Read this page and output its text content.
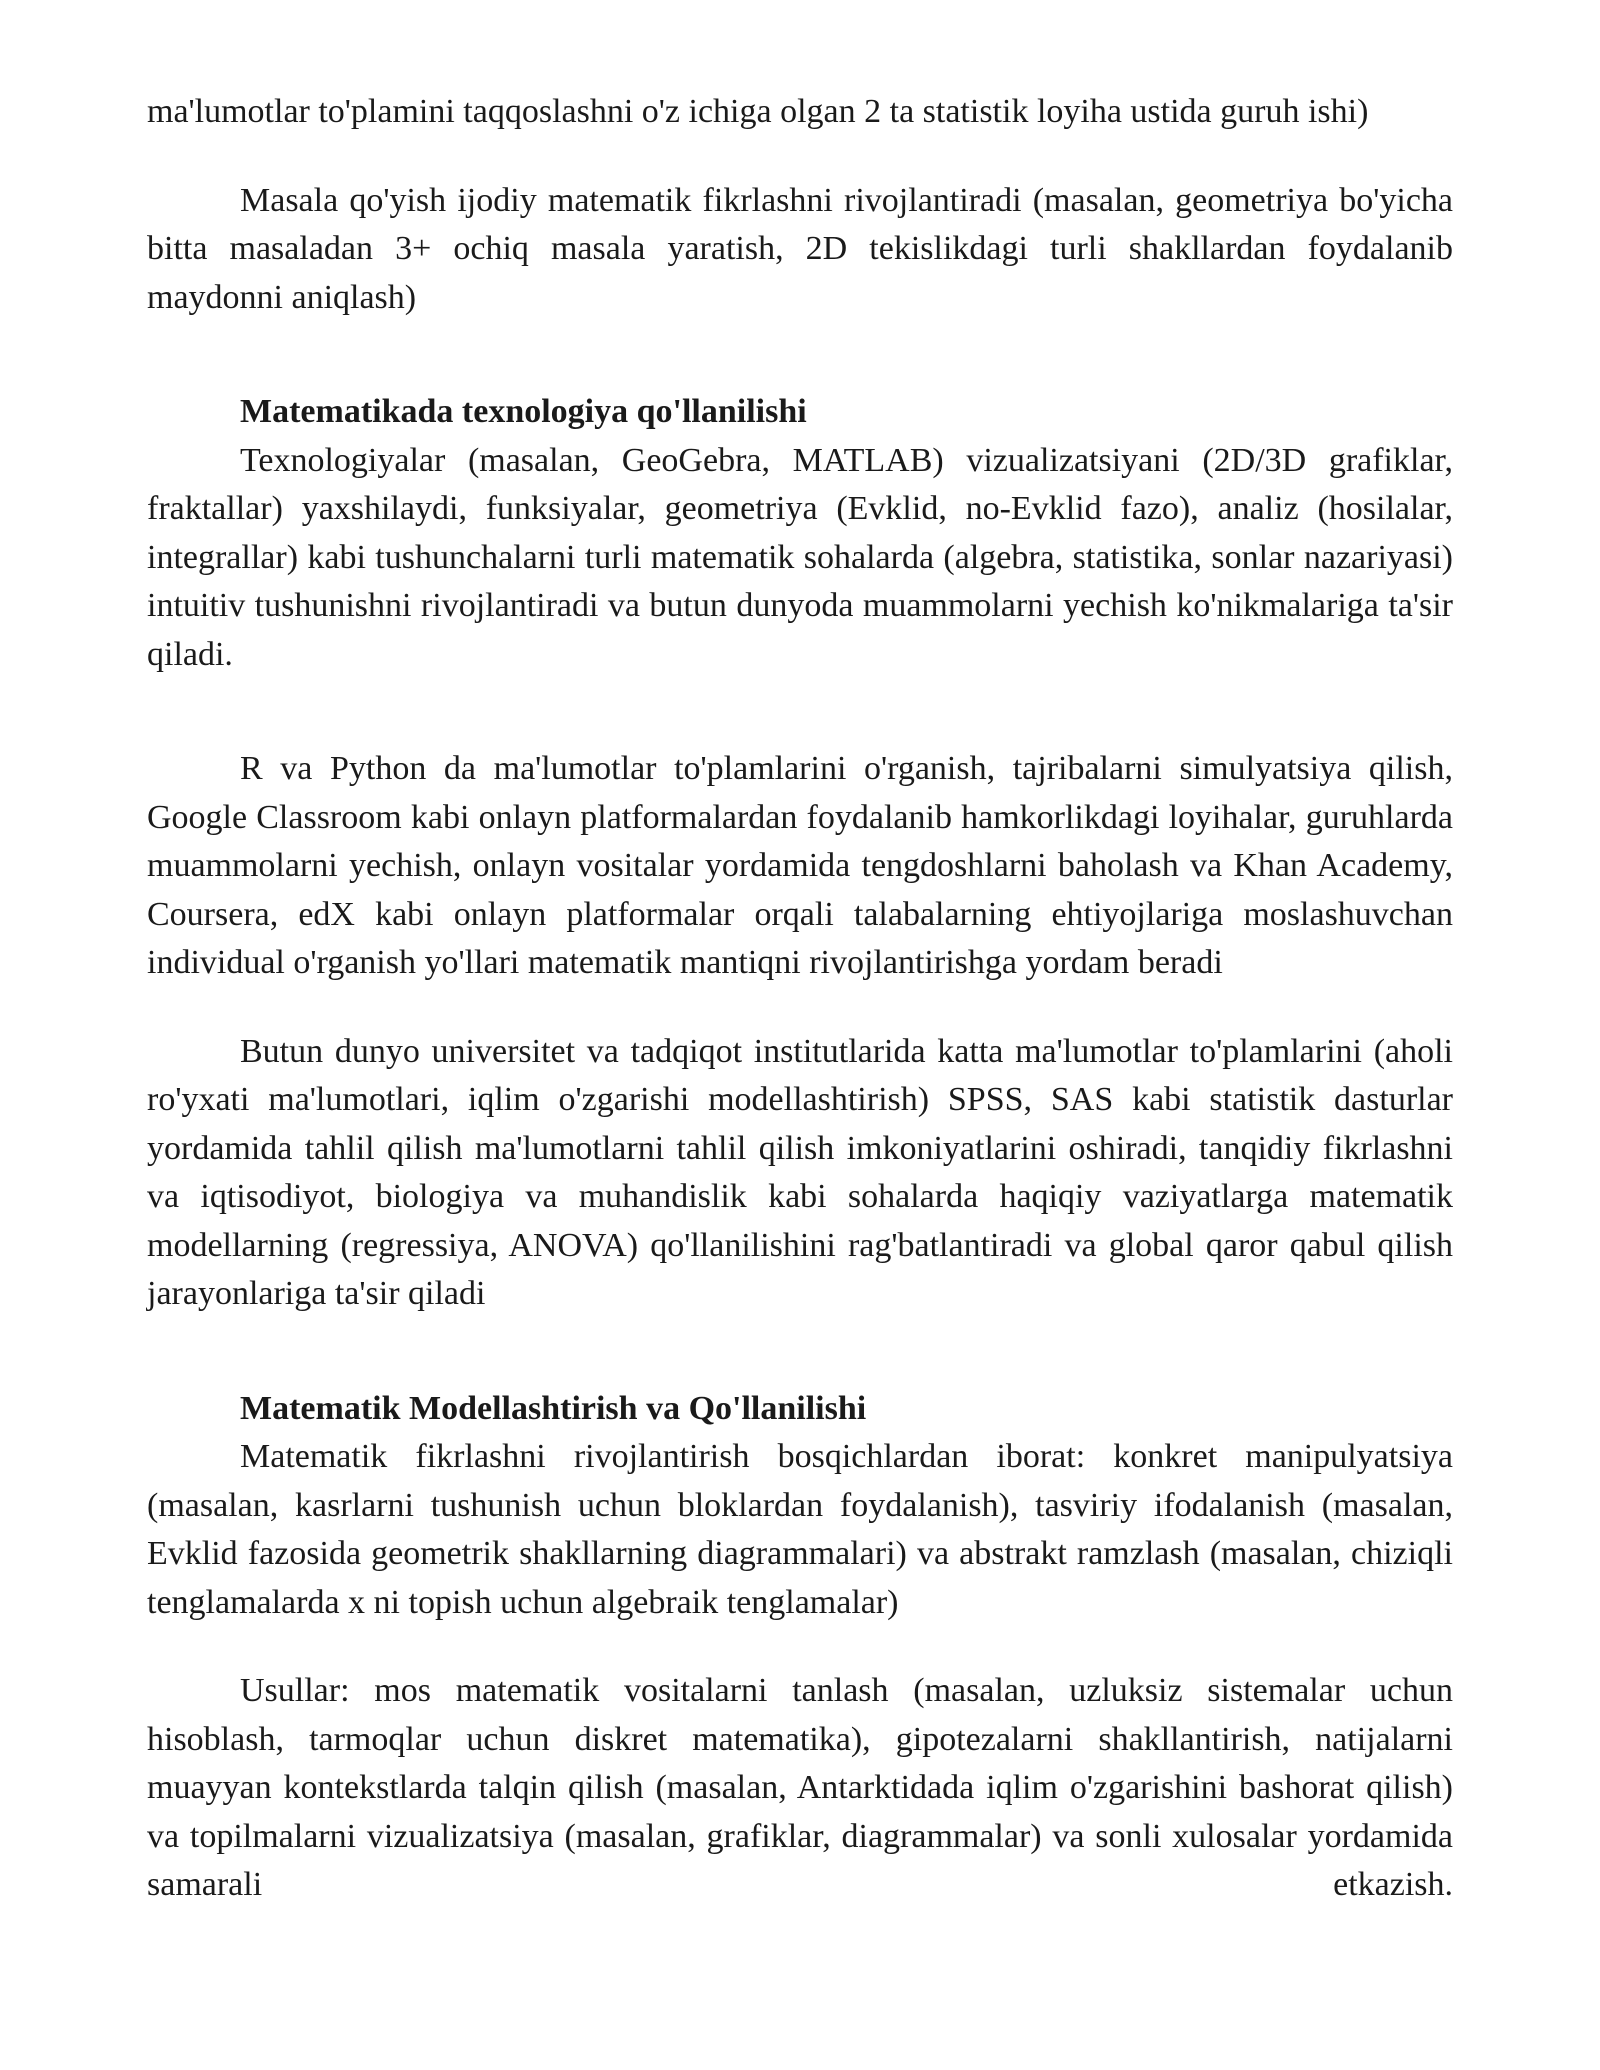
ma'lumotlar to'plamini taqqoslashni o'z ichiga olgan 2 ta statistik loyiha ustida guruh ishi)

Masala qo'yish ijodiy matematik fikrlashni rivojlantiradi (masalan, geometriya bo'yicha bitta masaladan 3+ ochiq masala yaratish, 2D tekislikdagi turli shakllardan foydalanib maydonni aniqlash)

Matematikada texnologiya qo'llanilishi

Texnologiyalar (masalan, GeoGebra, MATLAB) vizualizatsiyani (2D/3D grafiklar, fraktallar) yaxshilaydi, funksiyalar, geometriya (Evklid, no-Evklid fazo), analiz (hosilalar, integrallar) kabi tushunchalarni turli matematik sohalarda (algebra, statistika, sonlar nazariyasi) intuitiv tushunishni rivojlantiradi va butun dunyoda muammolarni yechish ko'nikmalariga ta'sir qiladi.

R va Python da ma'lumotlar to'plamlarini o'rganish, tajribalarni simulyatsiya qilish, Google Classroom kabi onlayn platformalardan foydalanib hamkorlikdagi loyihalar, guruhlarda muammolarni yechish, onlayn vositalar yordamida tengdoshlarni baholash va Khan Academy, Coursera, edX kabi onlayn platformalar orqali talabalarning ehtiyojlariga moslashuvchan individual o'rganish yo'llari matematik mantiqni rivojlantirishga yordam beradi

Butun dunyo universitet va tadqiqot institutlarida katta ma'lumotlar to'plamlarini (aholi ro'yxati ma'lumotlari, iqlim o'zgarishi modellashtirish) SPSS, SAS kabi statistik dasturlar yordamida tahlil qilish ma'lumotlarni tahlil qilish imkoniyatlarini oshiradi, tanqidiy fikrlashni va iqtisodiyot, biologiya va muhandislik kabi sohalarda haqiqiy vaziyatlarga matematik modellarning (regressiya, ANOVA) qo'llanilishini rag'batlantiradi va global qaror qabul qilish jarayonlariga ta'sir qiladi

Matematik Modellashtirish va Qo'llanilishi

Matematik fikrlashni rivojlantirish bosqichlardan iborat: konkret manipulyatsiya (masalan, kasrlarni tushunish uchun bloklardan foydalanish), tasviriy ifodalanish (masalan, Evklid fazosida geometrik shakllarning diagrammalari) va abstrakt ramzlash (masalan, chiziqli tenglamalarda x ni topish uchun algebraik tenglamalar)

Usullar: mos matematik vositalarni tanlash (masalan, uzluksiz sistemalar uchun hisoblash, tarmoqlar uchun diskret matematika), gipotezalarni shakllantirish, natijalarni muayyan kontekstlarda talqin qilish (masalan, Antarktidada iqlim o'zgarishini bashorat qilish) va topilmalarni vizualizatsiya (masalan, grafiklar, diagrammalar) va sonli xulosalar yordamida samarali etkazish.
